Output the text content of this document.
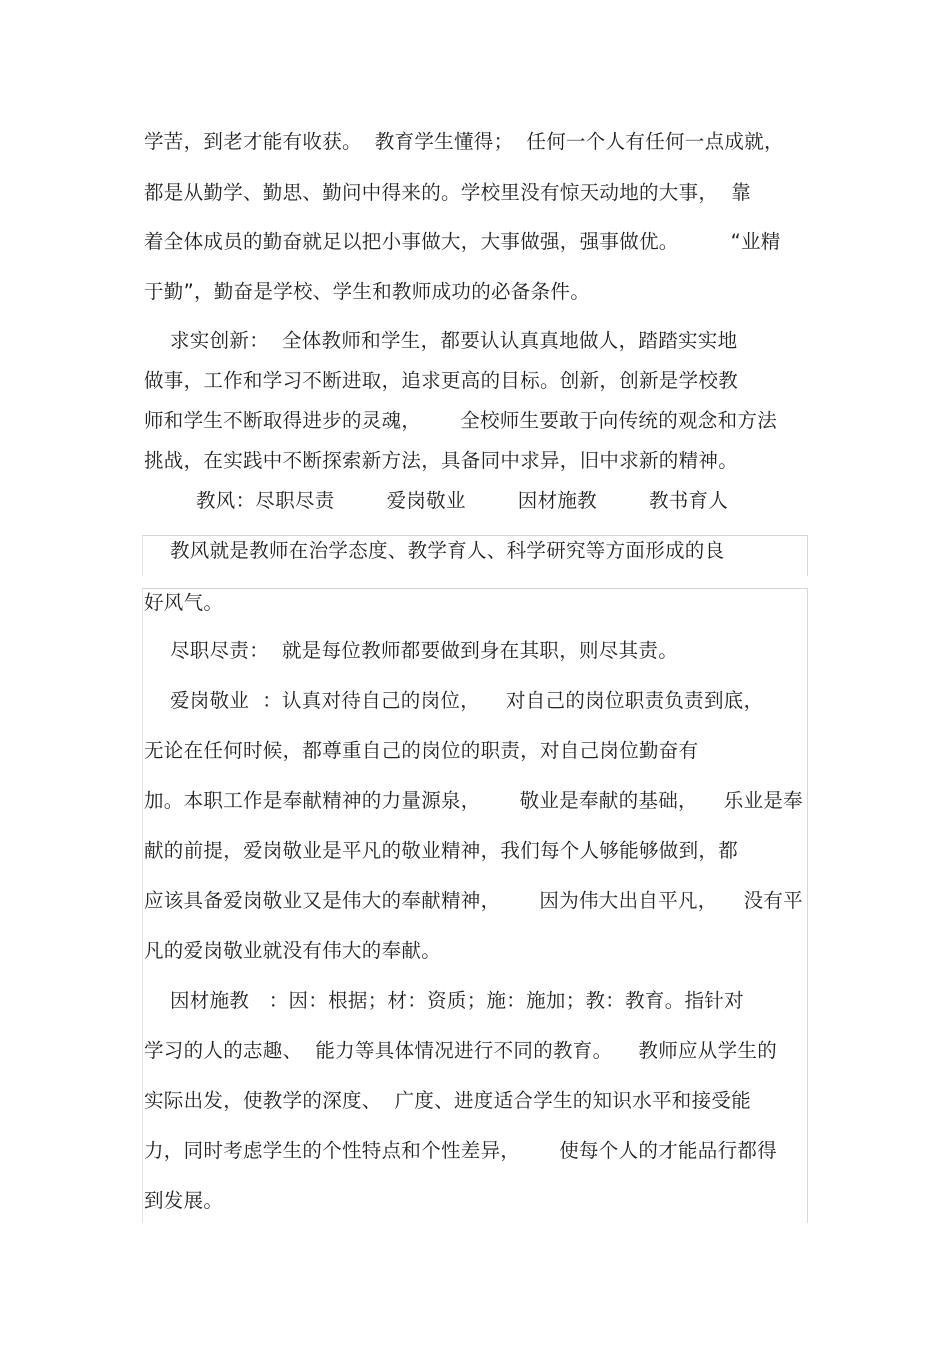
学苦，到老才能有收获。  教育学生懂得；  任何一个人有任何一点成就，
都是从勤学、勤思、勤问中得来的。学校里没有惊天动地的大事，  靠
着全体成员的勤奋就足以把小事做大，大事做强，强事做优。        “业精
于勤”，勤奋是学校、学生和教师成功的必备条件。
求实创新：  全体教师和学生，都要认认真真地做人，踏踏实实地
做事，工作和学习不断进取，追求更高的目标。创新，创新是学校教
师和学生不断取得进步的灵魂，      全校师生要敢于向传统的观念和方法
挑战，在实践中不断探索新方法，具备同中求异，旧中求新的精神。
教风：尽职尽责        爱岗敬业        因材施教        教书育人
教风就是教师在治学态度、教学育人、科学研究等方面形成的良
好风气。
尽职尽责：  就是每位教师都要做到身在其职，则尽其责。
爱岗敬业  ：认真对待自己的岗位，    对自己的岗位职责负责到底，
无论在任何时候，都尊重自己的岗位的职责，对自己岗位勤奋有
加。本职工作是奉献精神的力量源泉，      敬业是奉献的基础，    乐业是奉
献的前提，爱岗敬业是平凡的敬业精神，我们每个人够能够做到，都
应该具备爱岗敬业又是伟大的奉献精神，      因为伟大出自平凡，    没有平
凡的爱岗敬业就没有伟大的奉献。
因材施教   ：因：根据；材：资质；施：施加；教：教育。指针对
学习的人的志趣、  能力等具体情况进行不同的教育。    教师应从学生的
实际出发，使教学的深度、  广度、进度适合学生的知识水平和接受能
力，同时考虑学生的个性特点和个性差异，      使每个人的才能品行都得
到发展。
